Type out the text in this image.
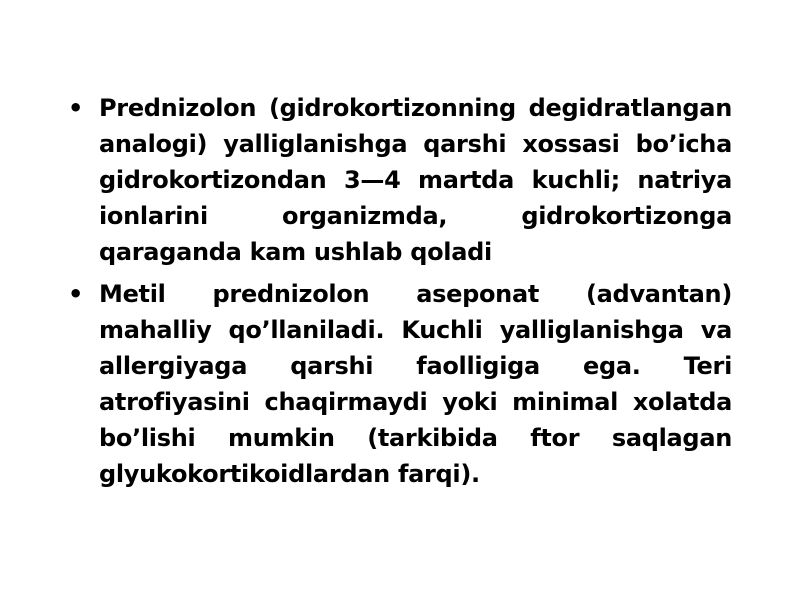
• Prednizolon (gidrokortizonning degidratlangan analogi) yalliglanishga qarshi xossasi bo’icha gidrokortizondan 3—4 martda kuchli; natriya ionlarini organizmda, gidrokortizonga qaraganda kam ushlab qoladi
• Metil prednizolon aseponat (advantan) mahalliy qo’llaniladi. Kuchli yalliglanishga va allergiyaga qarshi faolligiga ega. Teri atrofiyasini chaqirmaydi yoki minimal xolatda bo’lishi mumkin (tarkibida ftor saqlagan glyukokortikoidlardan farqi).
